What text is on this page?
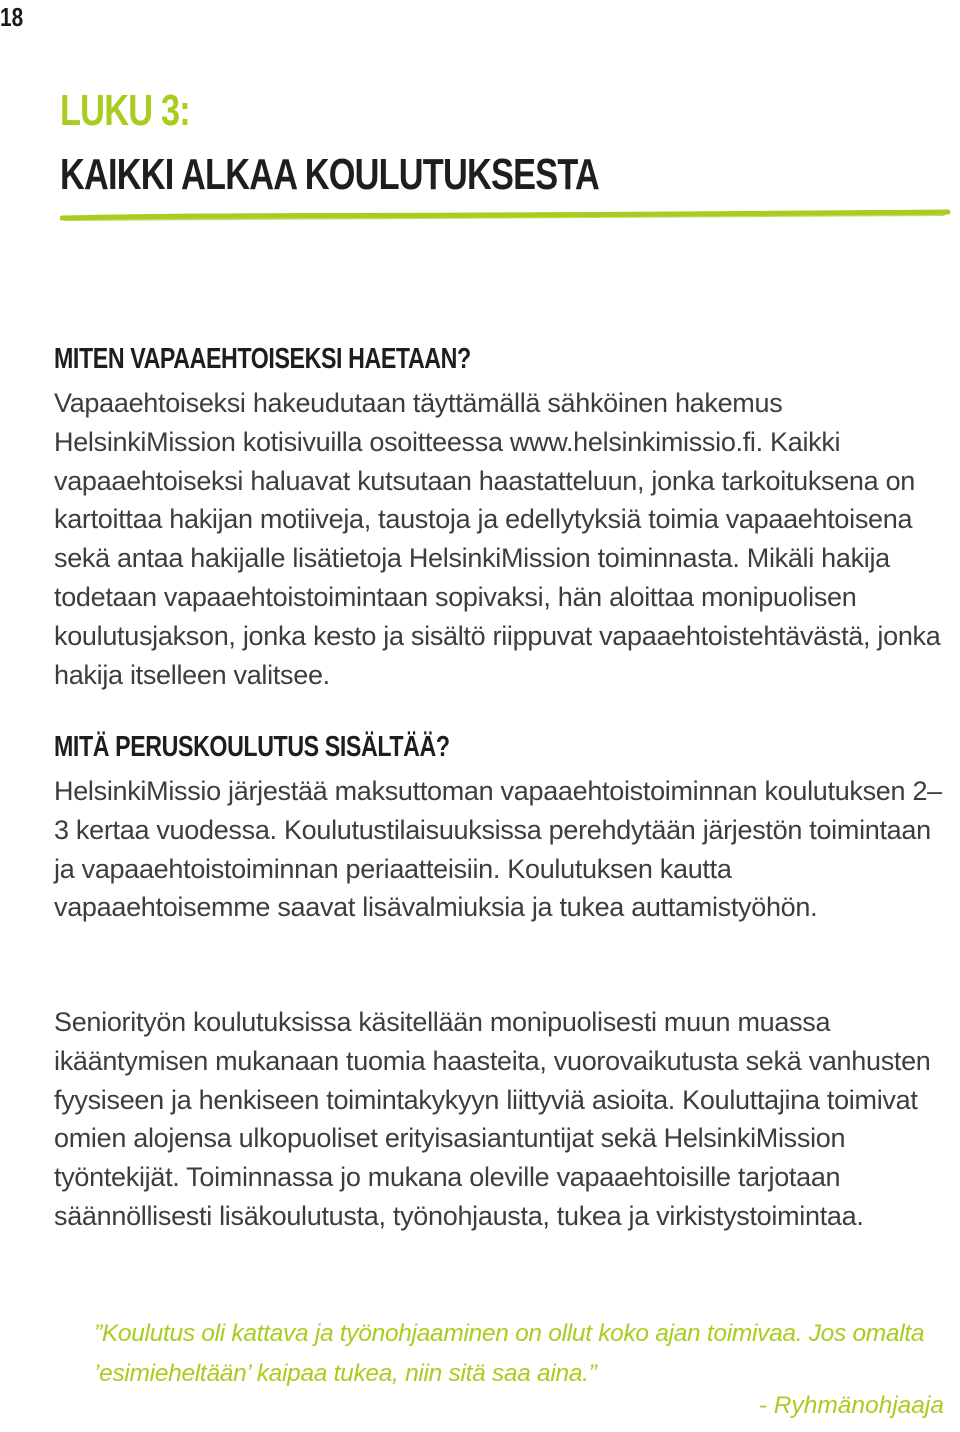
18
LUKU 3:
KAIKKI ALKAA KOULUTUKSESTA
MITEN VAPAAEHTOISEKSI HAETAAN?

Vapaaehtoiseksi hakeudutaan täyttämällä sähköinen hakemus HelsinkiMission kotisivuilla osoitteessa www.helsinkimissio.fi. Kaikki vapaaehtoiseksi haluavat kutsutaan haastatteluun, jonka tarkoituksena on kartoittaa hakijan motiiveja, taustoja ja edellytyksiä toimia vapaaehtoisena sekä antaa hakijalle lisätietoja HelsinkiMission toiminnasta. Mikäli hakija todetaan vapaaehtoistoimintaan sopivaksi, hän aloittaa monipuolisen koulutusjakson, jonka kesto ja sisältö riippuvat vapaaehtoistehtävästä, jonka hakija itselleen valitsee.

MITÄ PERUSKOULUTUS SISÄLTÄÄ?

HelsinkiMissio järjestää maksuttoman vapaaehtoistoiminnan koulutuksen 2–3 kertaa vuodessa. Koulutustilaisuuksissa perehdytään järjestön toimintaan ja vapaaehtoistoiminnan periaatteisiin. Koulutuksen kautta vapaaehtoisemme saavat lisävalmiuksia ja tukea auttamistyöhön.

Seniorityön koulutuksissa käsitellään monipuolisesti muun muassa ikääntymisen mukanaan tuomia haasteita, vuorovaikutusta sekä vanhusten fyysiseen ja henkiseen toimintakykyyn liittyviä asioita. Kouluttajina toimivat omien alojensa ulkopuoliset erityisasiantuntijat sekä HelsinkiMission työntekijät. Toiminnassa jo mukana oleville vapaaehtoisille tarjotaan säännöllisesti lisäkoulutusta, työnohjausta, tukea ja virkistystoimintaa.

”Koulutus oli kattava ja työnohjaaminen on ollut koko ajan toimivaa. Jos omalta ’esimieheltään’ kaipaa tukea, niin sitä saa aina.”

- Ryhmänohjaaja
